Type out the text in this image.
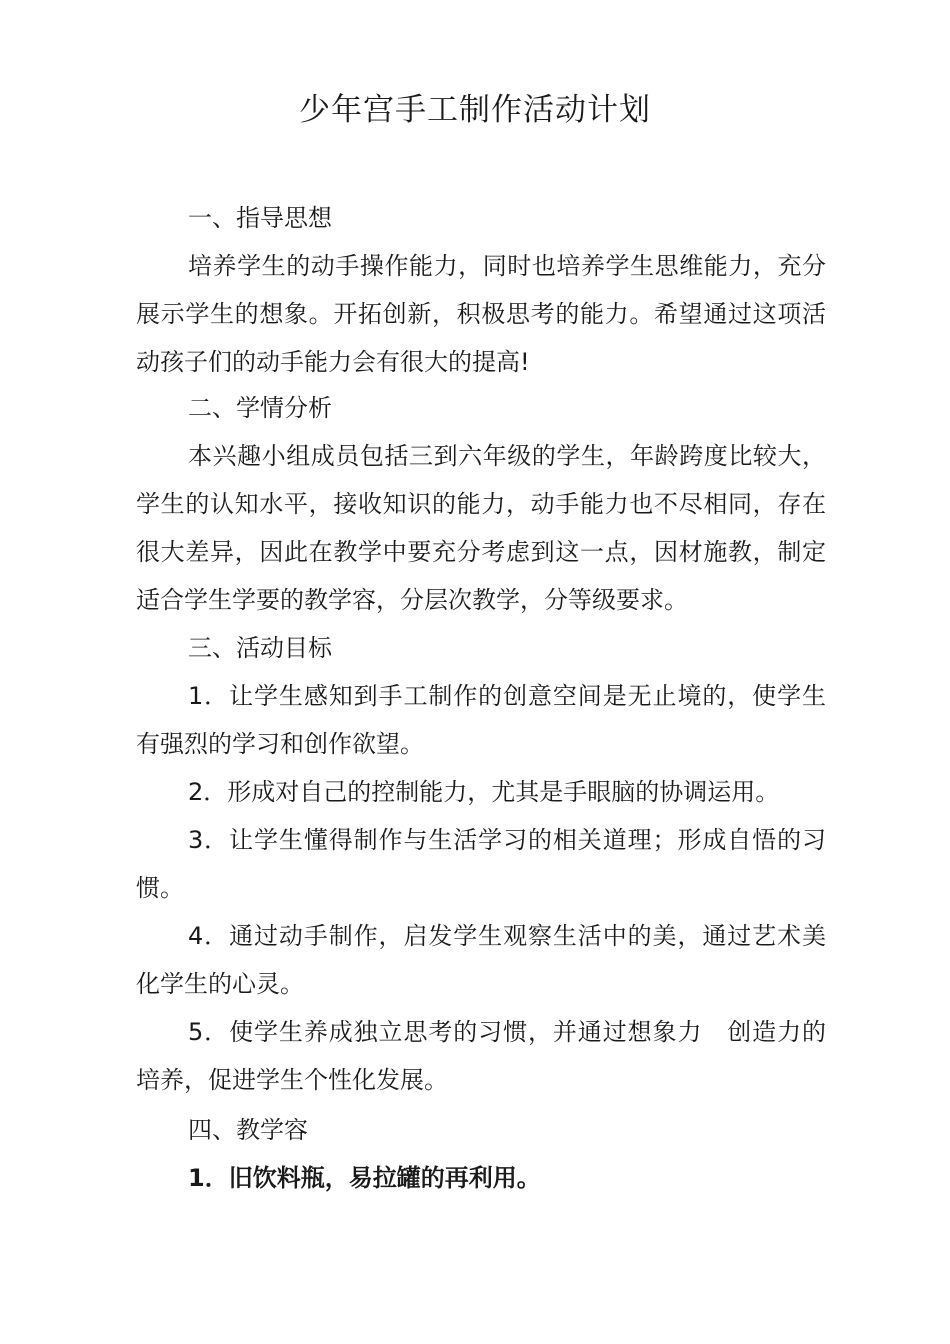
少年宫手工制作活动计划

一、指导思想

培养学生的动手操作能力，同时也培养学生思维能力，充分展示学生的想象。开拓创新，积极思考的能力。希望通过这项活动孩子们的动手能力会有很大的提高!

二、学情分析

本兴趣小组成员包括三到六年级的学生，年龄跨度比较大，学生的认知水平，接收知识的能力，动手能力也不尽相同，存在很大差异，因此在教学中要充分考虑到这一点，因材施教，制定适合学生学要的教学容，分层次教学，分等级要求。

三、活动目标

1．让学生感知到手工制作的创意空间是无止境的，使学生有强烈的学习和创作欲望。

2．形成对自己的控制能力，尤其是手眼脑的协调运用。

3．让学生懂得制作与生活学习的相关道理；形成自悟的习惯。

4．通过动手制作，启发学生观察生活中的美，通过艺术美化学生的心灵。

5．使学生养成独立思考的习惯，并通过想象力　创造力的培养，促进学生个性化发展。

四、教学容

1．旧饮料瓶，易拉罐的再利用。
